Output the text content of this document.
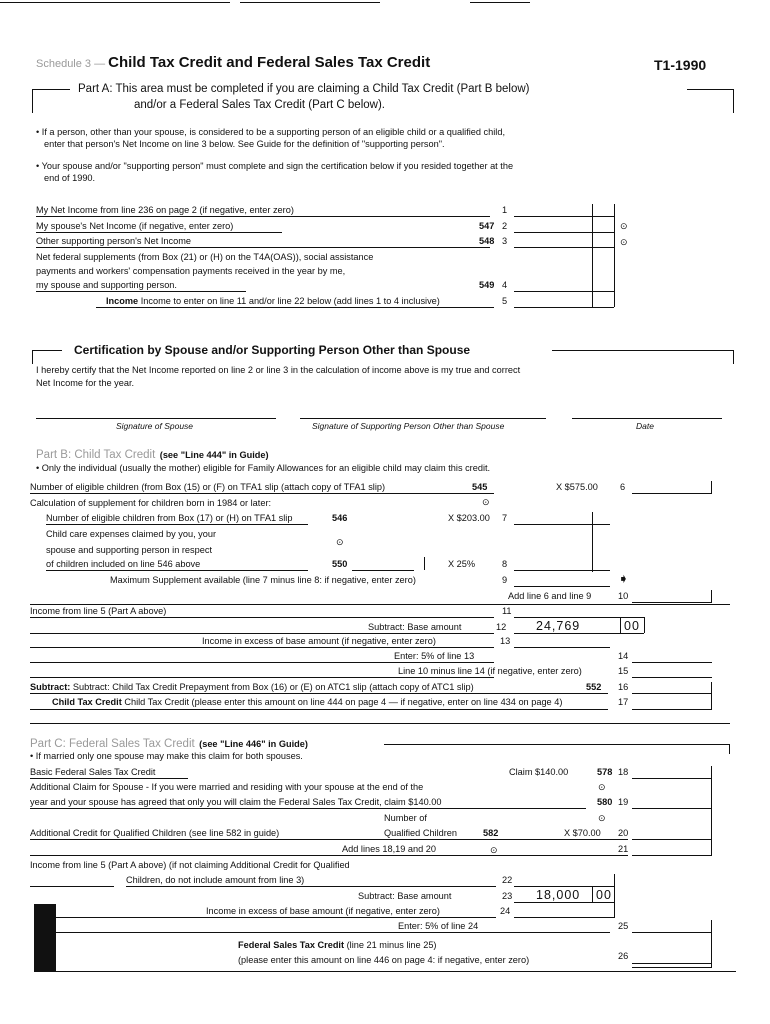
Schedule 3 — Child Tax Credit and Federal Sales Tax Credit	T1-1990
Part A: This area must be completed if you are claiming a Child Tax Credit (Part B below)
and/or a Federal Sales Tax Credit (Part C below).
• If a person, other than your spouse, is considered to be a supporting person of an eligible child or a qualified child,
enter that person's Net Income on line 3 below. See Guide for the definition of "supporting person".
• Your spouse and/or "supporting person" must complete and sign the certification below if you resided together at the
end of 1990.
My Net Income from line 236 on page 2 (if negative, enter zero)	1
My spouse's Net Income (if negative, enter zero)	547 2
Other supporting person's Net Income	548 3
Net federal supplements (from Box (21) or (H) on the T4A(OAS)), social assistance
payments and workers' compensation payments received in the year by me,
my spouse and supporting person.	549 4
Income Income to enter on line 11 and/or line 22 below (add lines 1 to 4 inclusive)	5
⊙
⊙
Certification by Spouse and/or Supporting Person Other than Spouse
I hereby certify that the Net Income reported on line 2 or line 3 in the calculation of income above is my true and correct
Net Income for the year.
Signature of Spouse	Signature of Supporting Person Other than Spouse	Date
Part B: Child Tax Credit (see "Line 444" in Guide)
• Only the individual (usually the mother) eligible for Family Allowances for an eligible child may claim this credit.
Number of eligible children (from Box (15) or (F) on TFA1 slip (attach copy of TFA1 slip)	545	X $575.00 6
⊙
Calculation of supplement for children born in 1984 or later:
Number of eligible children from Box (17) or (H) on TFA1 slip	546	X $203.00 7
Child care expenses claimed by you, your
⊙
spouse and supporting person in respect
of children included on line 546 above	550	X 25%	8
Maximum Supplement available (line 7 minus line 8: if negative, enter zero)	9	➧
Add line 6 and line 9	10
Income from line 5 (Part A above)	11
Subtract: Base amount	12 24,769	00
Income in excess of base amount (if negative, enter zero)	13
Enter: 5% of line 13	14
Line 10 minus line 14 (if negative, enter zero)	15
Subtract: Subtract: Child Tax Credit Prepayment from Box (16) or (E) on ATC1 slip (attach copy of ATC1 slip)	552 16
Child Tax Credit Child Tax Credit (please enter this amount on line 444 on page 4 — if negative, enter on line 434 on page 4)	17
Part C: Federal Sales Tax Credit (see "Line 446" in Guide)
• If married only one spouse may make this claim for both spouses.
Basic Federal Sales Tax Credit	Claim $140.00	578 18
⊙
Additional Claim for Spouse - If you were married and residing with your spouse at the end of the
year and your spouse has agreed that only you will claim the Federal Sales Tax Credit, claim $140.00	580 19
⊙
Number of
Additional Credit for Qualified Children (see line 582 in guide)	Qualified Children	582	X $70.00 20
Add lines 18,19 and 20	⊙	21
Income from line 5 (Part A above) (if not claiming Additional Credit for Qualified
Children, do not include amount from line 3)	22
Subtract: Base amount	23 18,000 00
Income in excess of base amount (if negative, enter zero)	24
Enter: 5% of line 24	25
Federal Sales Tax Credit (line 21 minus line 25)
(please enter this amount on line 446 on page 4: if negative, enter zero)	26
